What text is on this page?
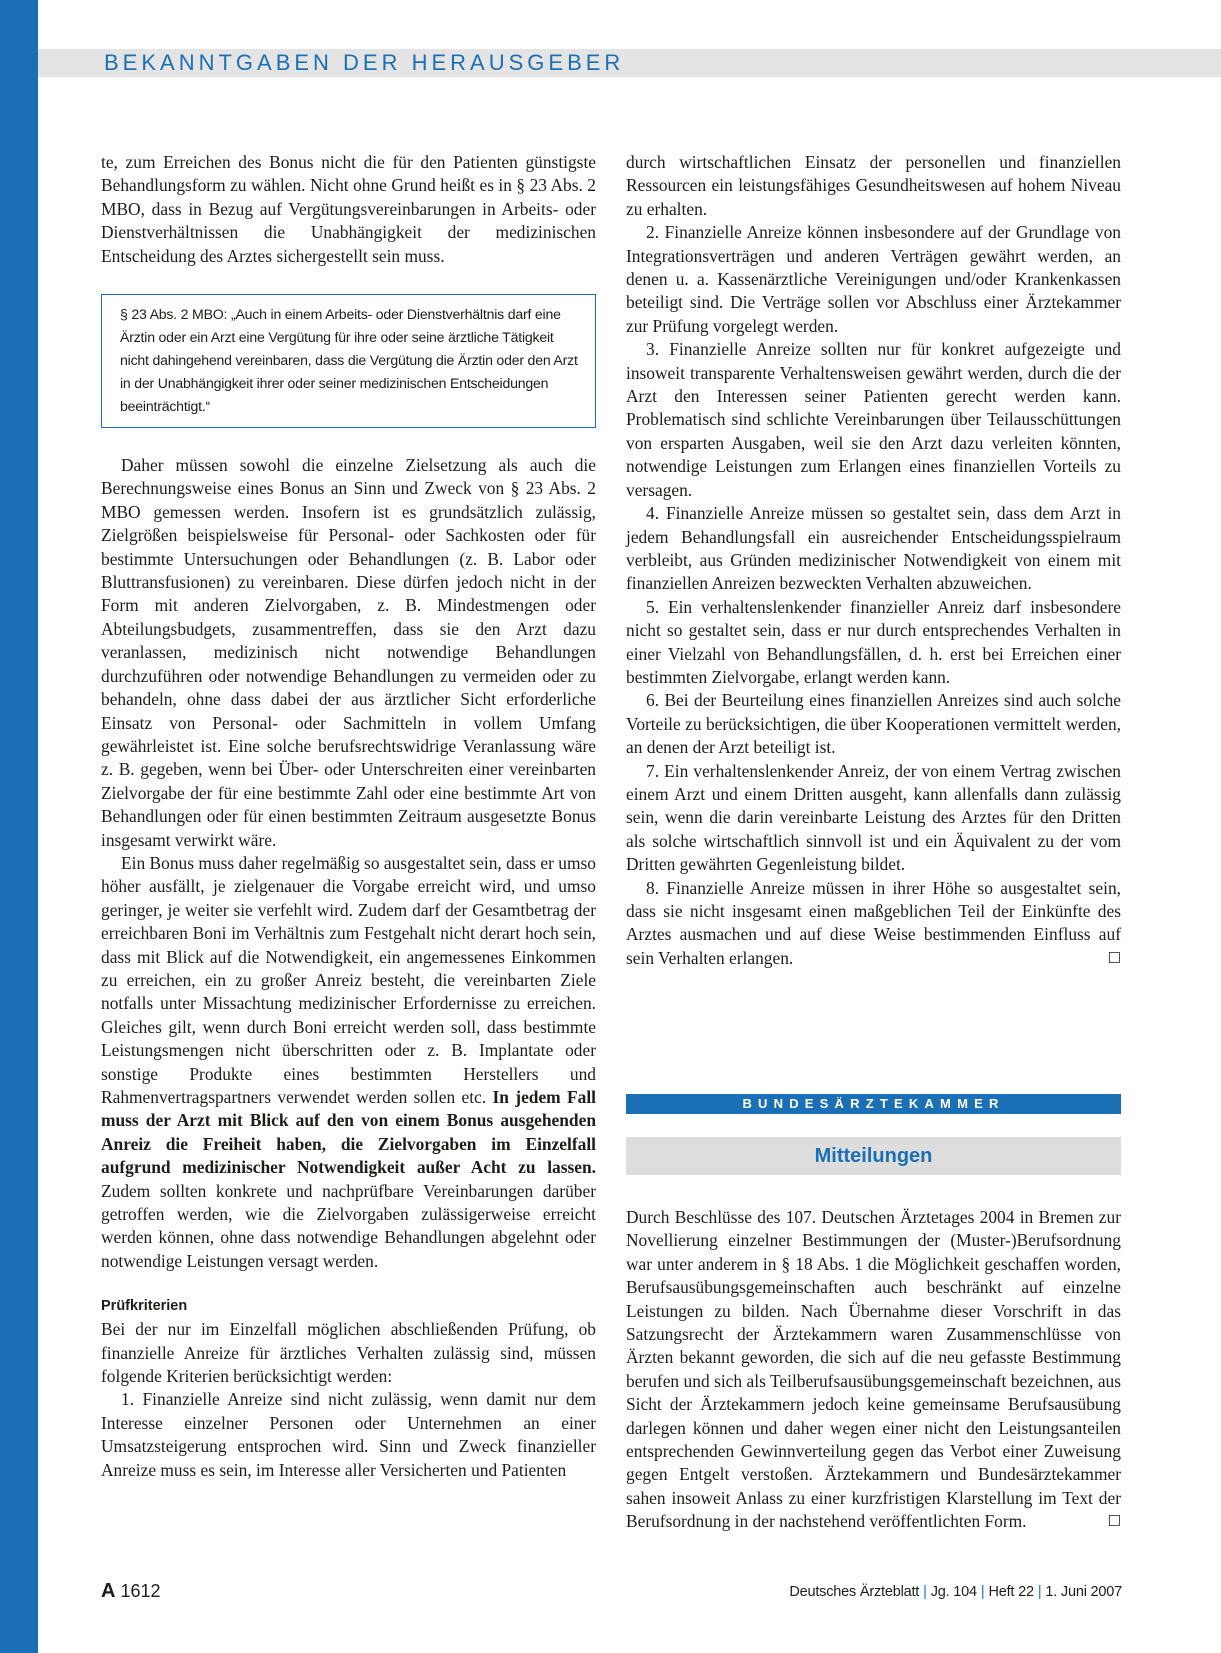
BEKANNTGABEN DER HERAUSGEBER

te, zum Erreichen des Bonus nicht die für den Patienten günstigste Behandlungsform zu wählen. Nicht ohne Grund heißt es in § 23 Abs. 2 MBO, dass in Bezug auf Vergütungsvereinbarungen in Arbeits- oder Dienstverhältnissen die Unabhängigkeit der medizinischen Entscheidung des Arztes sichergestellt sein muss.

§ 23 Abs. 2 MBO: „Auch in einem Arbeits- oder Dienstverhältnis darf eine Ärztin oder ein Arzt eine Vergütung für ihre oder seine ärztliche Tätigkeit nicht dahingehend vereinbaren, dass die Vergütung die Ärztin oder den Arzt in der Unabhängigkeit ihrer oder seiner medizinischen Entscheidungen beeinträchtigt.“

Daher müssen sowohl die einzelne Zielsetzung als auch die Berechnungsweise eines Bonus an Sinn und Zweck von § 23 Abs. 2 MBO gemessen werden. Insofern ist es grundsätzlich zulässig, Zielgrößen beispielsweise für Personal- oder Sachkosten oder für bestimmte Untersuchungen oder Behandlungen (z. B. Labor oder Bluttransfusionen) zu vereinbaren. Diese dürfen jedoch nicht in der Form mit anderen Zielvorgaben, z. B. Mindestmengen oder Abteilungsbudgets, zusammentreffen, dass sie den Arzt dazu veranlassen, medizinisch nicht notwendige Behandlungen durchzuführen oder notwendige Behandlungen zu vermeiden oder zu behandeln, ohne dass dabei der aus ärztlicher Sicht erforderliche Einsatz von Personal- oder Sachmitteln in vollem Umfang gewährleistet ist. Eine solche berufsrechtswidrige Veranlassung wäre z. B. gegeben, wenn bei Über- oder Unterschreiten einer vereinbarten Zielvorgabe der für eine bestimmte Zahl oder eine bestimmte Art von Behandlungen oder für einen bestimmten Zeitraum ausgesetzte Bonus insgesamt verwirkt wäre.

Ein Bonus muss daher regelmäßig so ausgestaltet sein, dass er umso höher ausfällt, je zielgenauer die Vorgabe erreicht wird, und umso geringer, je weiter sie verfehlt wird. Zudem darf der Gesamtbetrag der erreichbaren Boni im Verhältnis zum Festgehalt nicht derart hoch sein, dass mit Blick auf die Notwendigkeit, ein angemessenes Einkommen zu erreichen, ein zu großer Anreiz besteht, die vereinbarten Ziele notfalls unter Missachtung medizinischer Erfordernisse zu erreichen. Gleiches gilt, wenn durch Boni erreicht werden soll, dass bestimmte Leistungsmengen nicht überschritten oder z. B. Implantate oder sonstige Produkte eines bestimmten Herstellers und Rahmenvertragspartners verwendet werden sollen etc. In jedem Fall muss der Arzt mit Blick auf den von einem Bonus ausgehenden Anreiz die Freiheit haben, die Zielvorgaben im Einzelfall aufgrund medizinischer Notwendigkeit außer Acht zu lassen. Zudem sollten konkrete und nachprüfbare Vereinbarungen darüber getroffen werden, wie die Zielvorgaben zulässigerweise erreicht werden können, ohne dass notwendige Behandlungen abgelehnt oder notwendige Leistungen versagt werden.

Prüfkriterien

Bei der nur im Einzelfall möglichen abschließenden Prüfung, ob finanzielle Anreize für ärztliches Verhalten zulässig sind, müssen folgende Kriterien berücksichtigt werden:

1. Finanzielle Anreize sind nicht zulässig, wenn damit nur dem Interesse einzelner Personen oder Unternehmen an einer Umsatzsteigerung entsprochen wird. Sinn und Zweck finanzieller Anreize muss es sein, im Interesse aller Versicherten und Patienten

durch wirtschaftlichen Einsatz der personellen und finanziellen Ressourcen ein leistungsfähiges Gesundheitswesen auf hohem Niveau zu erhalten.

2. Finanzielle Anreize können insbesondere auf der Grundlage von Integrationsverträgen und anderen Verträgen gewährt werden, an denen u. a. Kassenärztliche Vereinigungen und/oder Krankenkassen beteiligt sind. Die Verträge sollen vor Abschluss einer Ärztekammer zur Prüfung vorgelegt werden.

3. Finanzielle Anreize sollten nur für konkret aufgezeigte und insoweit transparente Verhaltensweisen gewährt werden, durch die der Arzt den Interessen seiner Patienten gerecht werden kann. Problematisch sind schlichte Vereinbarungen über Teilausschüttungen von ersparten Ausgaben, weil sie den Arzt dazu verleiten könnten, notwendige Leistungen zum Erlangen eines finanziellen Vorteils zu versagen.

4. Finanzielle Anreize müssen so gestaltet sein, dass dem Arzt in jedem Behandlungsfall ein ausreichender Entscheidungsspielraum verbleibt, aus Gründen medizinischer Notwendigkeit von einem mit finanziellen Anreizen bezweckten Verhalten abzuweichen.

5. Ein verhaltenslenkender finanzieller Anreiz darf insbesondere nicht so gestaltet sein, dass er nur durch entsprechendes Verhalten in einer Vielzahl von Behandlungsfällen, d. h. erst bei Erreichen einer bestimmten Zielvorgabe, erlangt werden kann.

6. Bei der Beurteilung eines finanziellen Anreizes sind auch solche Vorteile zu berücksichtigen, die über Kooperationen vermittelt werden, an denen der Arzt beteiligt ist.

7. Ein verhaltenslenkender Anreiz, der von einem Vertrag zwischen einem Arzt und einem Dritten ausgeht, kann allenfalls dann zulässig sein, wenn die darin vereinbarte Leistung des Arztes für den Dritten als solche wirtschaftlich sinnvoll ist und ein Äquivalent zu der vom Dritten gewährten Gegenleistung bildet.

8. Finanzielle Anreize müssen in ihrer Höhe so ausgestaltet sein, dass sie nicht insgesamt einen maßgeblichen Teil der Einkünfte des Arztes ausmachen und auf diese Weise bestimmenden Einfluss auf sein Verhalten erlangen.	☐

BUNDESÄRZTEKAMMER
Mitteilungen

Durch Beschlüsse des 107. Deutschen Ärztetages 2004 in Bremen zur Novellierung einzelner Bestimmungen der (Muster-)Berufsordnung war unter anderem in § 18 Abs. 1 die Möglichkeit geschaffen worden, Berufsausübungsgemeinschaften auch beschränkt auf einzelne Leistungen zu bilden. Nach Übernahme dieser Vorschrift in das Satzungsrecht der Ärztekammern waren Zusammenschlüsse von Ärzten bekannt geworden, die sich auf die neu gefasste Bestimmung berufen und sich als Teilberufsausübungsgemeinschaft bezeichnen, aus Sicht der Ärztekammern jedoch keine gemeinsame Berufsausübung darlegen können und daher wegen einer nicht den Leistungsanteilen entsprechenden Gewinnverteilung gegen das Verbot einer Zuweisung gegen Entgelt verstoßen. Ärztekammern und Bundesärztekammer sahen insoweit Anlass zu einer kurzfristigen Klarstellung im Text der Berufsordnung in der nachstehend veröffentlichten Form.	☐

A 1612	Deutsches Ärzteblatt | Jg. 104 | Heft 22 | 1. Juni 2007
